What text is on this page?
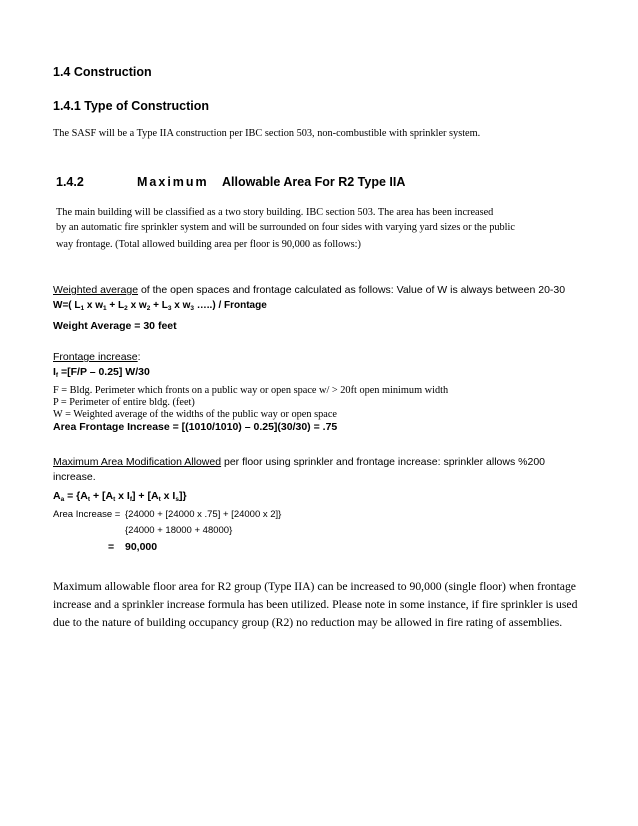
1.4 Construction
1.4.1 Type of Construction
The SASF will be a Type IIA construction per IBC section 503, non-combustible with sprinkler system.
1.4.2	Maximum Allowable Area For R2 Type IIA
The main building will be classified as a two story building. IBC section 503. The area has been increased
by an automatic fire sprinkler system and will be surrounded on four sides with varying yard sizes or the public
way frontage. (Total allowed building area per floor is 90,000 as follows:)
Weighted average of the open spaces and frontage calculated as follows: Value of W is always between 20-30
W=( $L_1$ x $w_1 + L_2$ x $w_2 + L_3$ x $w_3$ …..) / Frontage
Weight Average = 30 feet
Frontage increase:
$I_f =[F/P - 0.25]$ W/30
F = Bldg. Perimeter which fronts on a public way or open space w/ > 20ft open minimum width
P = Perimeter of entire bldg. (feet)
W = Weighted average of the widths of the public way or open space
Area Frontage Increase = [(1010/1010) – 0.25](30/30) = .75
Maximum Area Modification Allowed per floor using sprinkler and frontage increase: sprinkler allows %200
increase.
$A_a = \{A_t + [A_t$ x $I_f] + [A_t$ x $I_s$]}
Area Increase = {24000 + [24000 x .75] + [24000 x 2]}
{24000 + 18000 + 48000}
= 90,000
Maximum allowable floor area for R2 group (Type IIA) can be increased to 90,000 (single floor) when frontage
increase and a sprinkler increase formula has been utilized. Please note in some instance, if fire sprinkler is used
due to the nature of building occupancy group (R2) no reduction may be allowed in fire rating of assemblies.
